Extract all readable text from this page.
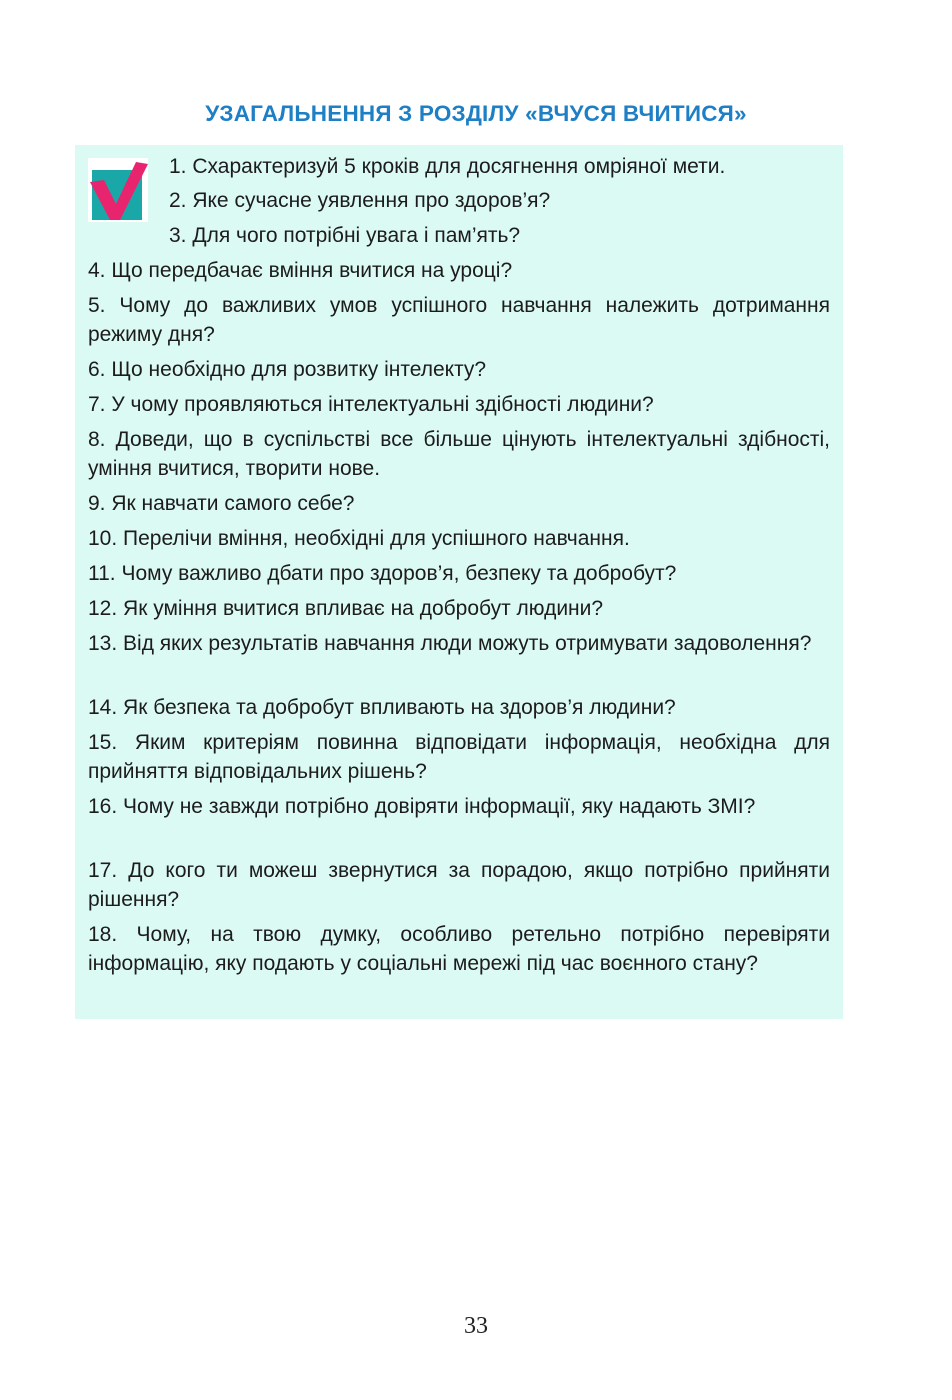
УЗАГАЛЬНЕННЯ З РОЗДІЛУ «ВЧУСЯ ВЧИТИСЯ»
1. Схарактеризуй 5 кроків для досягнення омріяної мети.
2. Яке сучасне уявлення про здоров’я?
3. Для чого потрібні увага і пам’ять?
4. Що передбачає вміння вчитися на уроці?
5. Чому до важливих умов успішного навчання належить дотримання режиму дня?
6. Що необхідно для розвитку інтелекту?
7. У чому проявляються інтелектуальні здібності людини?
8. Доведи, що в суспільстві все більше цінують інтелектуальні здібності, уміння вчитися, творити нове.
9. Як навчати самого себе?
10. Перелічи вміння, необхідні для успішного навчання.
11. Чому важливо дбати про здоров’я, безпеку та добробут?
12. Як уміння вчитися впливає на добробут людини?
13. Від яких результатів навчання люди можуть отримувати задоволення?
14. Як безпека та добробут впливають на здоров’я людини?
15. Яким критеріям повинна відповідати інформація, необхідна для прийняття відповідальних рішень?
16. Чому не завжди потрібно довіряти інформації, яку надають ЗМІ?
17. До кого ти можеш звернутися за порадою, якщо потрібно прийняти рішення?
18. Чому, на твою думку, особливо ретельно потрібно перевіряти інформацію, яку подають у соціальні мережі під час воєнного стану?
33
